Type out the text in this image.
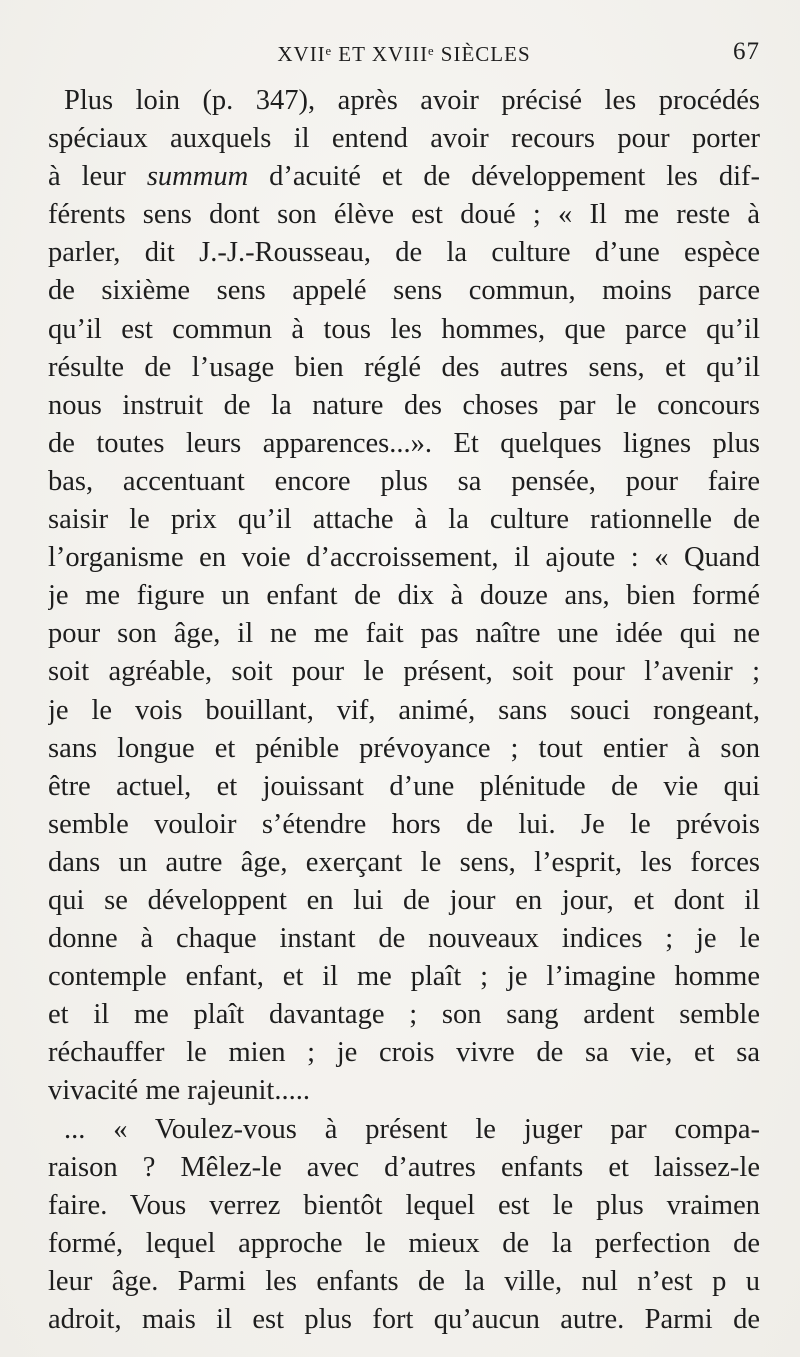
XVIIᵉ ET XVIIIᵉ SIÈCLES	67
Plus loin (p. 347), après avoir précisé les procédés
spéciaux auxquels il entend avoir recours pour porter
à leur summum d’acuité et de développement les dif-
férents sens dont son élève est doué ; « Il me reste à
parler, dit J.-J.-Rousseau, de la culture d’une espèce
de sixième sens appelé sens commun, moins parce
qu’il est commun à tous les hommes, que parce qu’il
résulte de l’usage bien réglé des autres sens, et qu’il
nous instruit de la nature des choses par le concours
de toutes leurs apparences...». Et quelques lignes plus
bas, accentuant encore plus sa pensée, pour faire
saisir le prix qu’il attache à la culture rationnelle de
l’organisme en voie d’accroissement, il ajoute : « Quand
je me figure un enfant de dix à douze ans, bien formé
pour son âge, il ne me fait pas naître une idée qui ne
soit agréable, soit pour le présent, soit pour l’avenir ;
je le vois bouillant, vif, animé, sans souci rongeant,
sans longue et pénible prévoyance ; tout entier à son
être actuel, et jouissant d’une plénitude de vie qui
semble vouloir s’étendre hors de lui. Je le prévois
dans un autre âge, exerçant le sens, l’esprit, les forces
qui se développent en lui de jour en jour, et dont il
donne à chaque instant de nouveaux indices ; je le
contemple enfant, et il me plaît ; je l’imagine homme
et il me plaît davantage ; son sang ardent semble
réchauffer le mien ; je crois vivre de sa vie, et sa
vivacité me rajeunit.....
... « Voulez-vous à présent le juger par compa-
raison ? Mêlez-le avec d’autres enfants et laissez-le
faire. Vous verrez bientôt lequel est le plus vraimen
formé, lequel approche le mieux de la perfection de
leur âge. Parmi les enfants de la ville, nul n’est p u
adroit, mais il est plus fort qu’aucun autre. Parmi de
